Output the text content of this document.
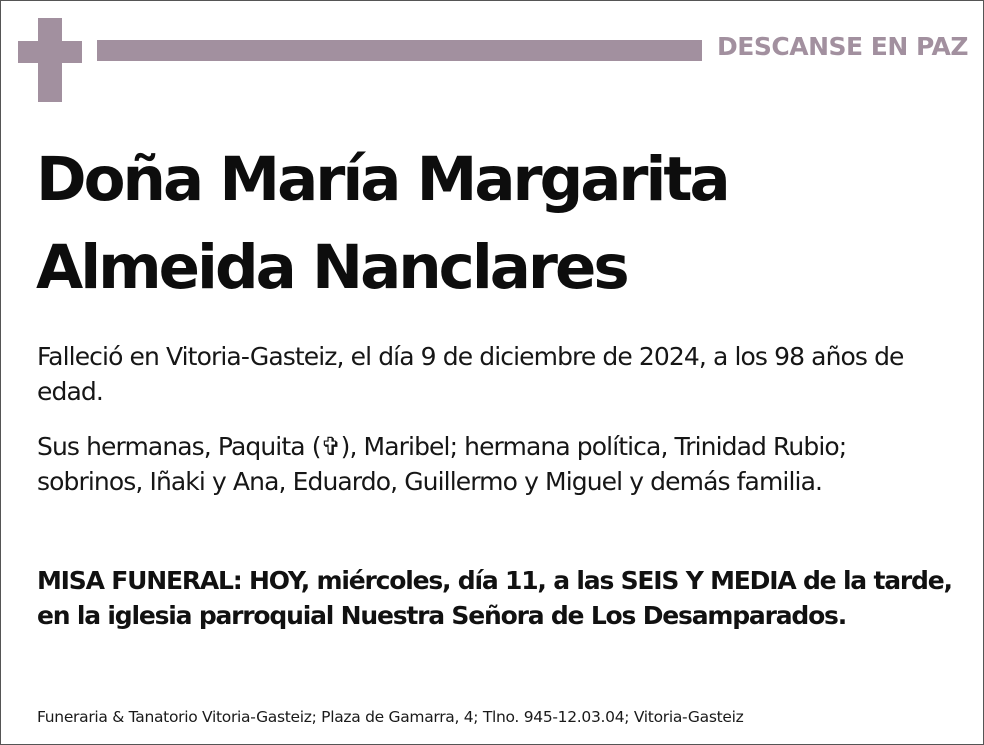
DESCANSE EN PAZ
Doña María Margarita
Almeida Nanclares

Falleció en Vitoria-Gasteiz, el día 9 de diciembre de 2024, a los 98 años de edad.

Sus hermanas, Paquita (✞), Maribel; hermana política, Trinidad Rubio; sobrinos, Iñaki y Ana, Eduardo, Guillermo y Miguel y demás familia.

MISA FUNERAL: HOY, miércoles, día 11, a las SEIS Y MEDIA de la tarde, en la iglesia parroquial Nuestra Señora de Los Desamparados.

Funeraria & Tanatorio Vitoria-Gasteiz; Plaza de Gamarra, 4; Tlno. 945-12.03.04; Vitoria-Gasteiz
